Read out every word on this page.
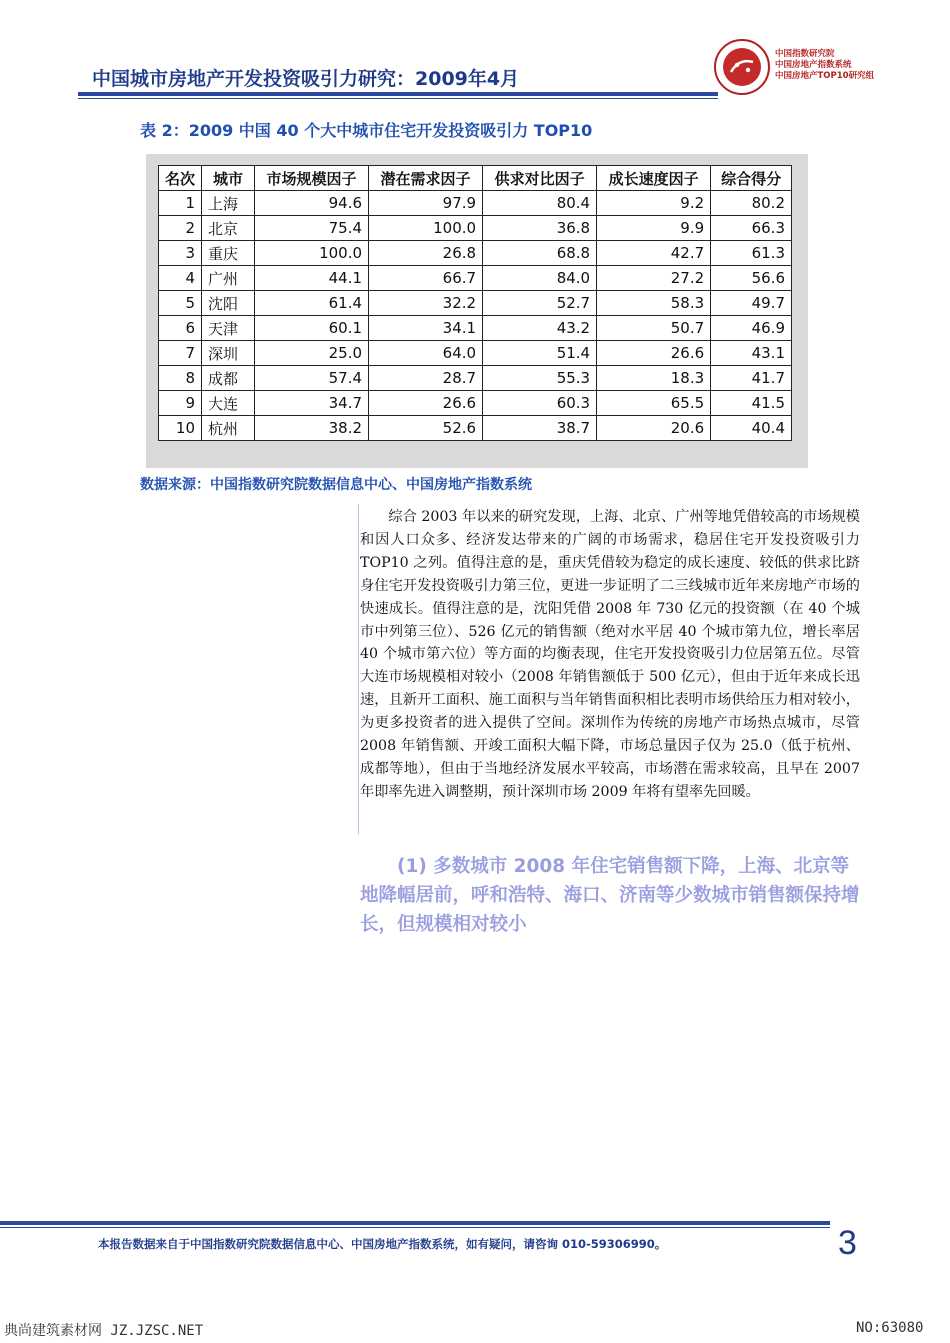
中国城市房地产开发投资吸引力研究：2009年4月
中国指数研究院
中国房地产指数系统
中国房地产TOP10研究组
表 2：2009 中国 40 个大中城市住宅开发投资吸引力 TOP10
名次	城市	市场规模因子	潜在需求因子	供求对比因子	成长速度因子	综合得分
1	上海	94.6	97.9	80.4	9.2	80.2
2	北京	75.4	100.0	36.8	9.9	66.3
3	重庆	100.0	26.8	68.8	42.7	61.3
4	广州	44.1	66.7	84.0	27.2	56.6
5	沈阳	61.4	32.2	52.7	58.3	49.7
6	天津	60.1	34.1	43.2	50.7	46.9
7	深圳	25.0	64.0	51.4	26.6	43.1
8	成都	57.4	28.7	55.3	18.3	41.7
9	大连	34.7	26.6	60.3	65.5	41.5
10	杭州	38.2	52.6	38.7	20.6	40.4
数据来源：中国指数研究院数据信息中心、中国房地产指数系统
综合 2003 年以来的研究发现，上海、北京、广州等地凭借较高的市场规模和因人口众多、经济发达带来的广阔的市场需求，稳居住宅开发投资吸引力 TOP10 之列。值得注意的是，重庆凭借较为稳定的成长速度、较低的供求比跻身住宅开发投资吸引力第三位，更进一步证明了二三线城市近年来房地产市场的快速成长。值得注意的是，沈阳凭借 2008 年 730 亿元的投资额（在 40 个城市中列第三位）、526 亿元的销售额（绝对水平居 40 个城市第九位，增长率居 40 个城市第六位）等方面的均衡表现，住宅开发投资吸引力位居第五位。尽管大连市场规模相对较小（2008 年销售额低于 500 亿元），但由于近年来成长迅速，且新开工面积、施工面积与当年销售面积相比表明市场供给压力相对较小，为更多投资者的进入提供了空间。深圳作为传统的房地产市场热点城市，尽管 2008 年销售额、开竣工面积大幅下降，市场总量因子仅为 25.0（低于杭州、成都等地），但由于当地经济发展水平较高，市场潜在需求较高，且早在 2007 年即率先进入调整期，预计深圳市场 2009 年将有望率先回暖。
(1) 多数城市 2008 年住宅销售额下降，上海、北京等地降幅居前，呼和浩特、海口、济南等少数城市销售额保持增长，但规模相对较小
本报告数据来自于中国指数研究院数据信息中心、中国房地产指数系统，如有疑问，请咨询 010-59306990。	3
典尚建筑素材网 JZ.JZSC.NET	NO:63080
